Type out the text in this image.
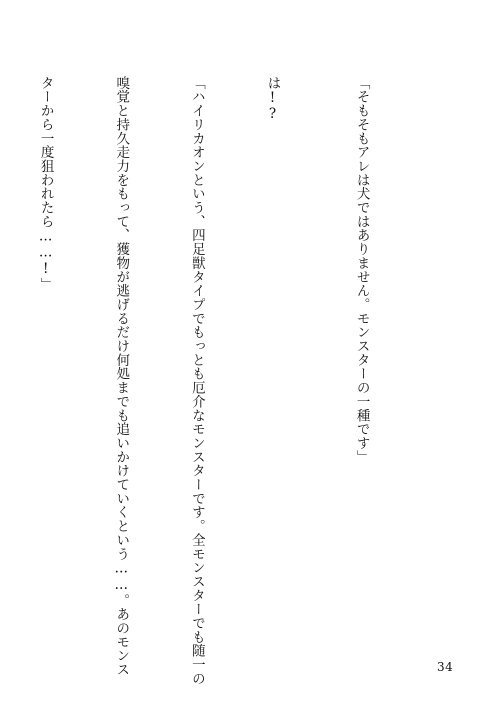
「そもそもアレは犬ではありません。モンスターの一種です」

は!?

「ハイリカオンという、四足獣タイプでもっとも厄介なモンスターです。全モンスターでも随一の

嗅覚と持久走力をもって、獲物が逃げるだけ何処までも追いかけていくという……。あのモンス

ターから一度狙われたら……!」

34
